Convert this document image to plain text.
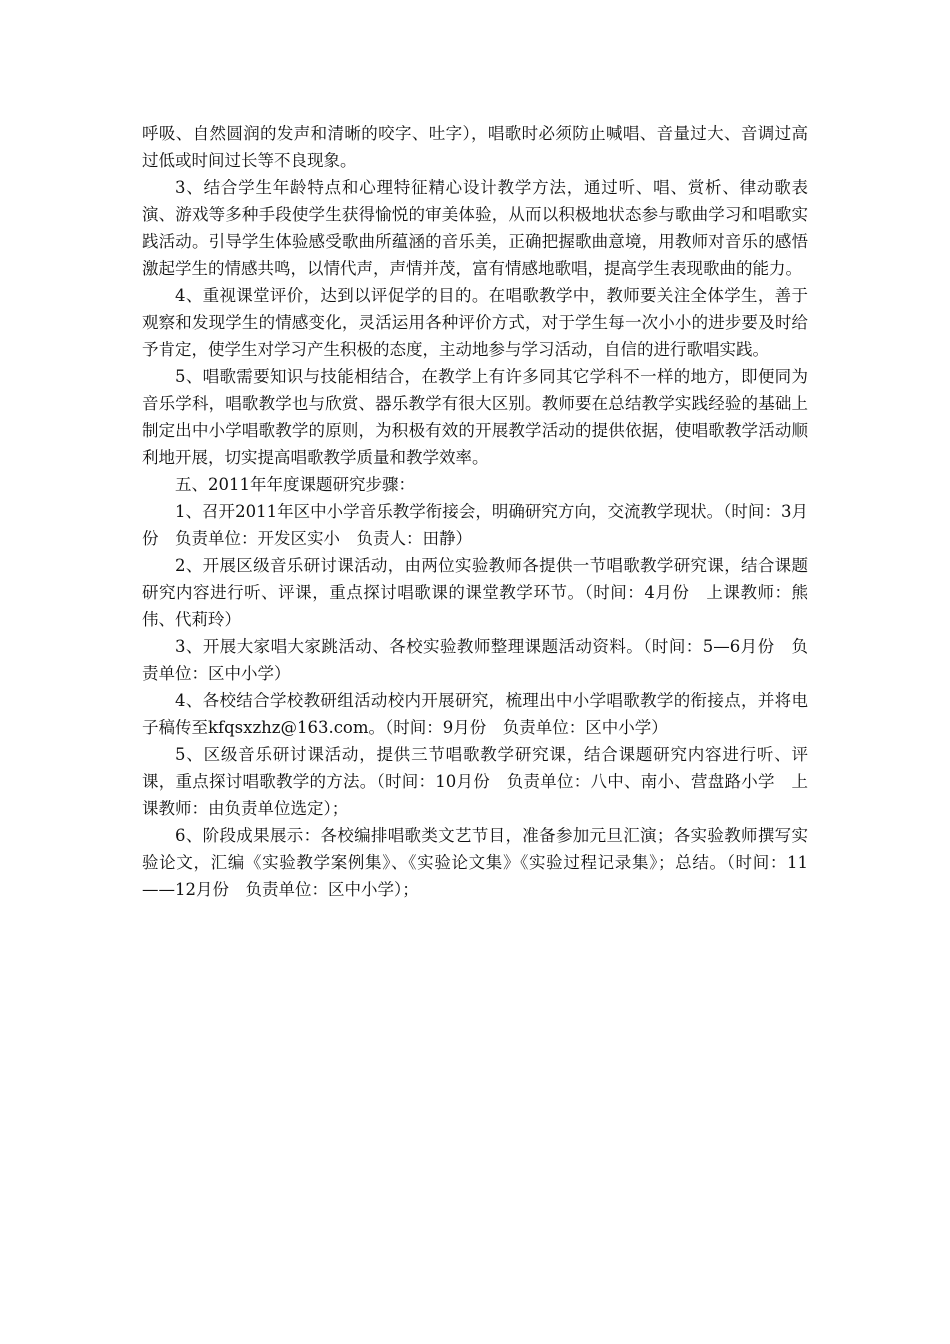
呼吸、自然圆润的发声和清晰的咬字、吐字），唱歌时必须防止喊唱、音量过大、音调过高过低或时间过长等不良现象。

3、结合学生年龄特点和心理特征精心设计教学方法，通过听、唱、赏析、律动歌表演、游戏等多种手段使学生获得愉悦的审美体验，从而以积极地状态参与歌曲学习和唱歌实践活动。引导学生体验感受歌曲所蕴涵的音乐美，正确把握歌曲意境，用教师对音乐的感悟激起学生的情感共鸣，以情代声，声情并茂，富有情感地歌唱，提高学生表现歌曲的能力。

4、重视课堂评价，达到以评促学的目的。在唱歌教学中，教师要关注全体学生，善于观察和发现学生的情感变化，灵活运用各种评价方式，对于学生每一次小小的进步要及时给予肯定，使学生对学习产生积极的态度，主动地参与学习活动，自信的进行歌唱实践。

5、唱歌需要知识与技能相结合，在教学上有许多同其它学科不一样的地方，即便同为音乐学科，唱歌教学也与欣赏、器乐教学有很大区别。教师要在总结教学实践经验的基础上制定出中小学唱歌教学的原则，为积极有效的开展教学活动的提供依据，使唱歌教学活动顺利地开展，切实提高唱歌教学质量和教学效率。

五、2011年年度课题研究步骤：

1、召开2011年区中小学音乐教学衔接会，明确研究方向，交流教学现状。（时间：3月份　负责单位：开发区实小　负责人：田静）

2、开展区级音乐研讨课活动，由两位实验教师各提供一节唱歌教学研究课，结合课题研究内容进行听、评课，重点探讨唱歌课的课堂教学环节。（时间：4月份　上课教师：熊伟、代莉玲）

3、开展大家唱大家跳活动、各校实验教师整理课题活动资料。（时间：5—6月份　负责单位：区中小学）

4、各校结合学校教研组活动校内开展研究，梳理出中小学唱歌教学的衔接点，并将电子稿传至kfqsxzhz@163.com。（时间：9月份　负责单位：区中小学）

5、区级音乐研讨课活动，提供三节唱歌教学研究课，结合课题研究内容进行听、评课，重点探讨唱歌教学的方法。（时间：10月份　负责单位：八中、南小、营盘路小学　上课教师：由负责单位选定）；

6、阶段成果展示：各校编排唱歌类文艺节目，准备参加元旦汇演；各实验教师撰写实验论文，汇编《实验教学案例集》、《实验论文集》《实验过程记录集》；总结。（时间：11——12月份　负责单位：区中小学）；
